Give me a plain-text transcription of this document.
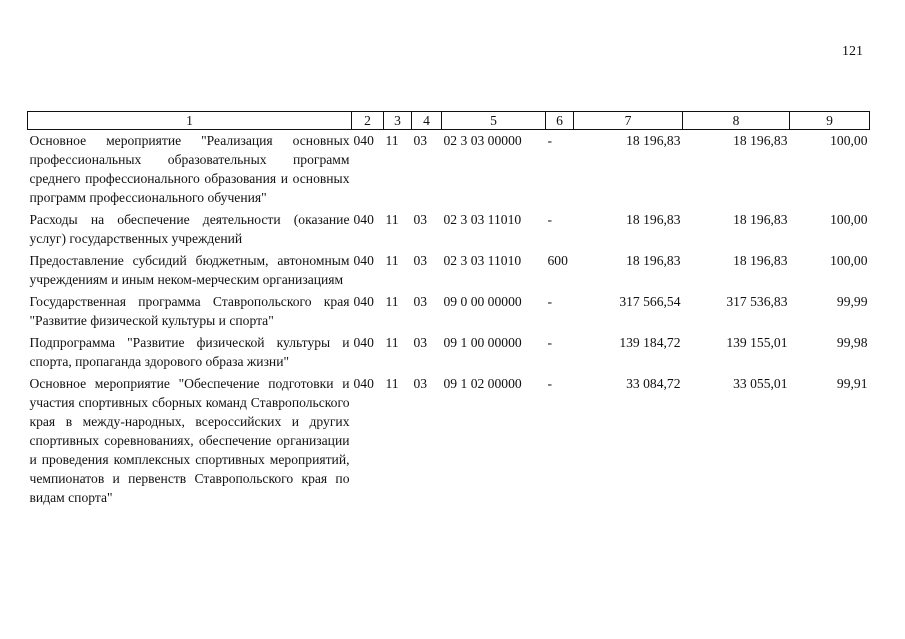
121
1	2	3	4	5	6	7	8	9
Основное мероприятие "Реализация основных профессиональных образовательных программ среднего профессионального образования и основных программ профессионального обучения"	040	11	03	02 3 03 00000	-	18 196,83	18 196,83	100,00
Расходы на обеспечение деятельности (оказание услуг) государственных учреждений	040	11	03	02 3 03 11010	-	18 196,83	18 196,83	100,00
Предоставление субсидий бюджетным, автономным учреждениям и иным неком-мерческим организациям	040	11	03	02 3 03 11010	600	18 196,83	18 196,83	100,00
Государственная программа Ставропольского края "Развитие физической культуры и спорта"	040	11	03	09 0 00 00000	-	317 566,54	317 536,83	99,99
Подпрограмма "Развитие физической культуры и спорта, пропаганда здорового образа жизни"	040	11	03	09 1 00 00000	-	139 184,72	139 155,01	99,98
Основное мероприятие "Обеспечение подготовки и участия спортивных сборных команд Ставропольского края в между-народных, всероссийских и других спортивных соревнованиях, обеспечение организации и проведения комплексных спортивных мероприятий, чемпионатов и первенств Ставропольского края по видам спорта"	040	11	03	09 1 02 00000	-	33 084,72	33 055,01	99,91
